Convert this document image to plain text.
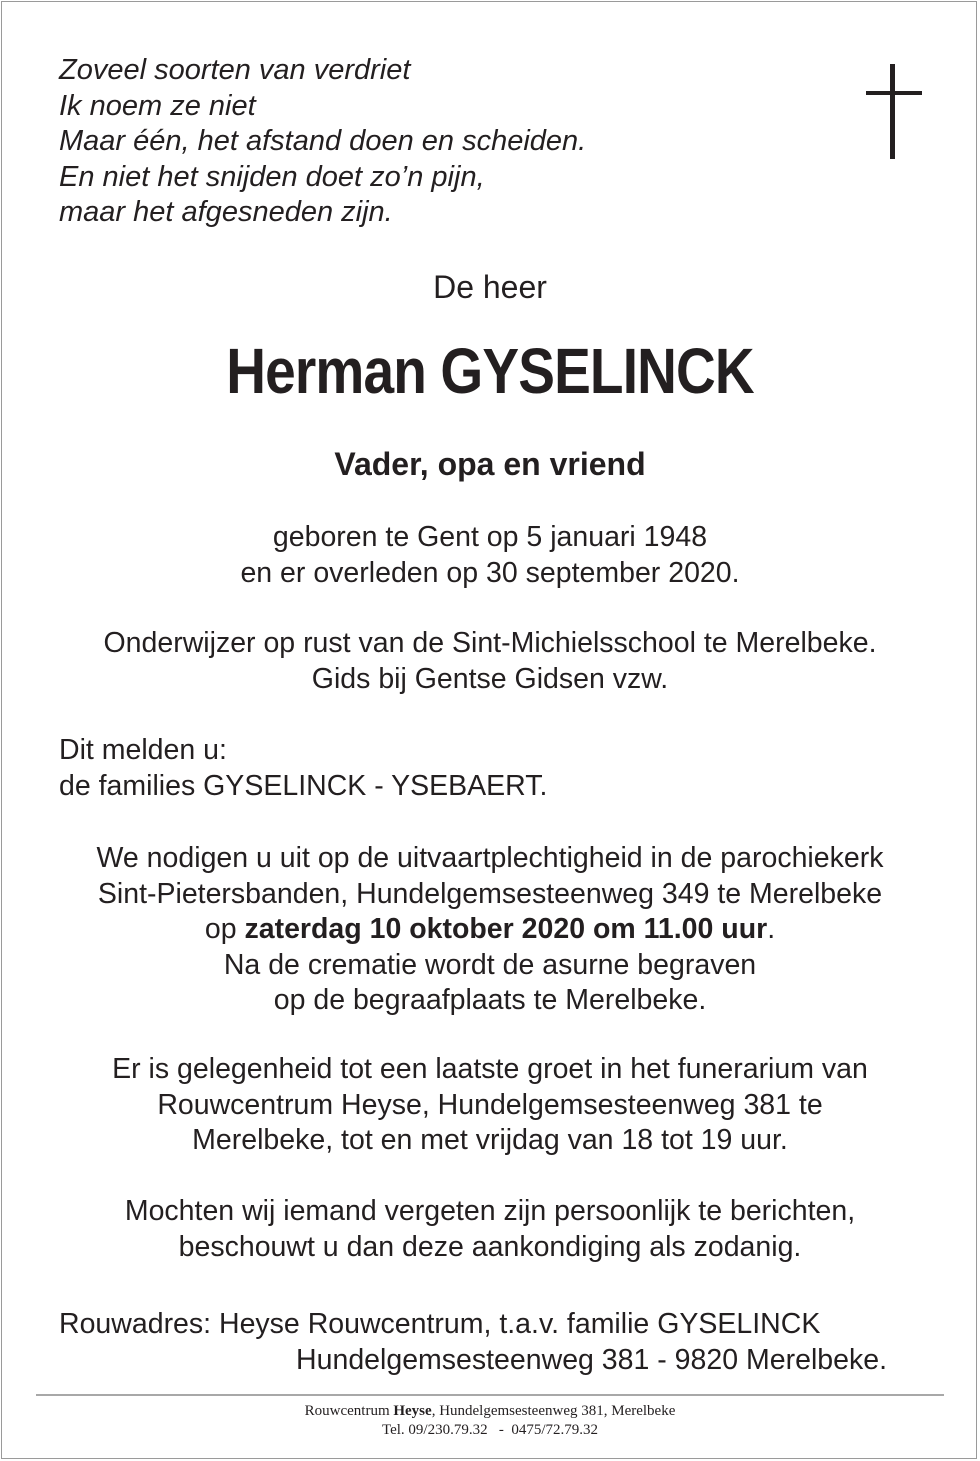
Zoveel soorten van verdriet
Ik noem ze niet
Maar één, het afstand doen en scheiden.
En niet het snijden doet zo’n pijn,
maar het afgesneden zijn.
De heer
Herman GYSELINCK
Vader, opa en vriend
geboren te Gent op 5 januari 1948
en er overleden op 30 september 2020.
Onderwijzer op rust van de Sint-Michielsschool te Merelbeke.
Gids bij Gentse Gidsen vzw.
Dit melden u:
de families GYSELINCK - YSEBAERT.
We nodigen u uit op de uitvaartplechtigheid in de parochiekerk
Sint-Pietersbanden, Hundelgemsesteenweg 349 te Merelbeke
op zaterdag 10 oktober 2020 om 11.00 uur.
Na de crematie wordt de asurne begraven
op de begraafplaats te Merelbeke.
Er is gelegenheid tot een laatste groet in het funerarium van
Rouwcentrum Heyse, Hundelgemsesteenweg 381 te
Merelbeke, tot en met vrijdag van 18 tot 19 uur.
Mochten wij iemand vergeten zijn persoonlijk te berichten,
beschouwt u dan deze aankondiging als zodanig.
Rouwadres: Heyse Rouwcentrum, t.a.v. familie GYSELINCK
Hundelgemsesteenweg 381 - 9820 Merelbeke.
Rouwcentrum Heyse, Hundelgemsesteenweg 381, Merelbeke
Tel. 09/230.79.32   -  0475/72.79.32
